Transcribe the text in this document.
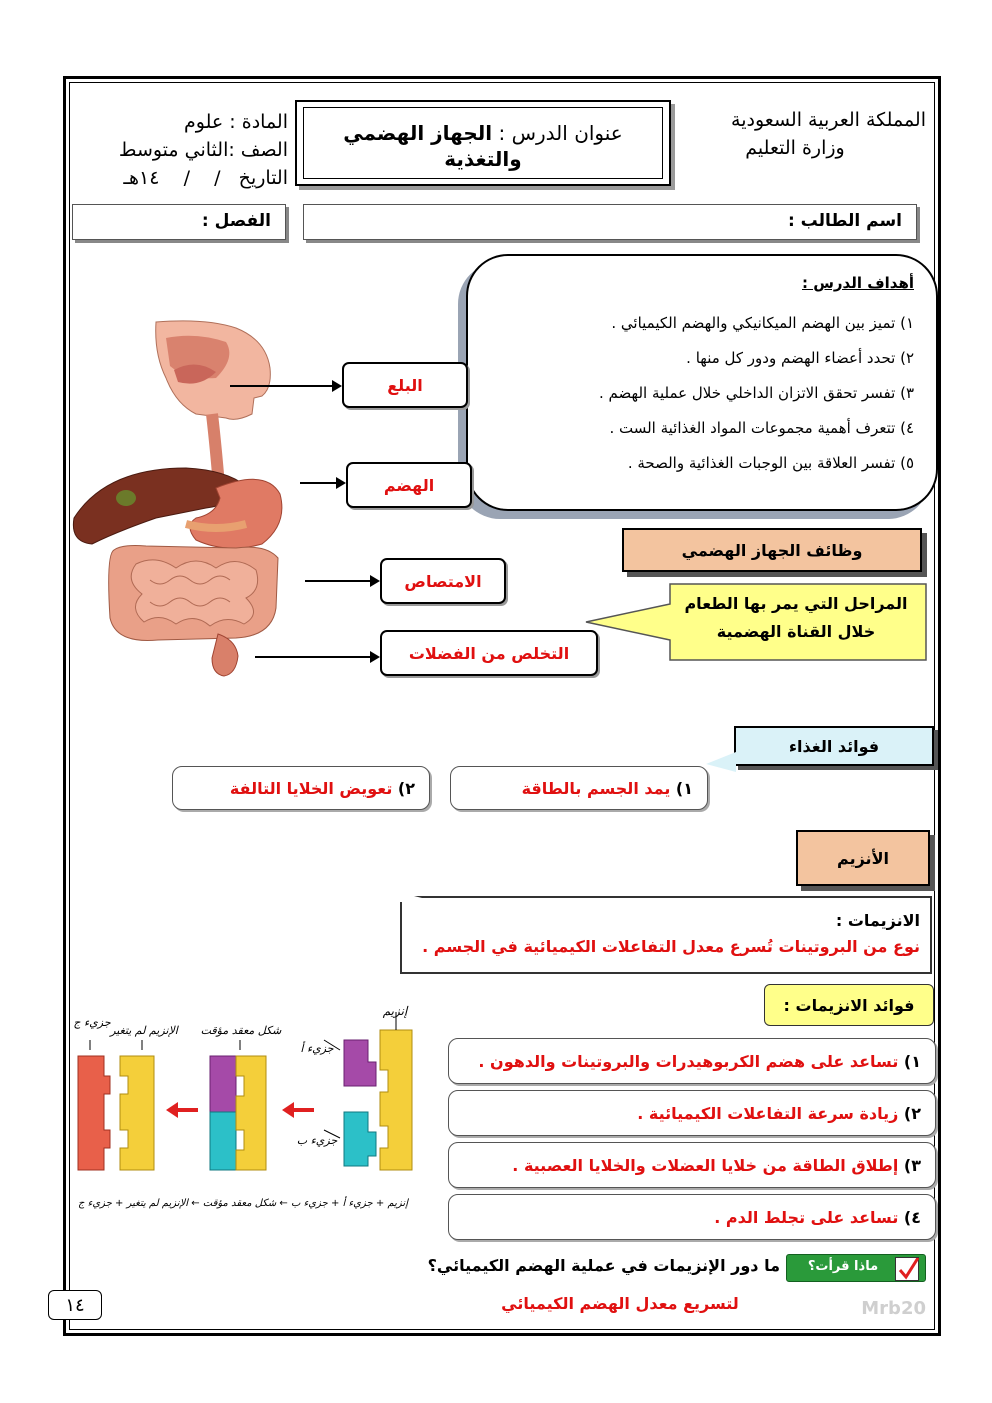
المملكة العربية السعودية
وزارة التعليم
عنوان الدرس : الجهاز الهضمي والتغذية
المادة : علوم
الصف :الثاني متوسط
التاريخ   /    /    ١٤هـ
اسم الطالب :
الفصل :
أهداف الدرس :
١) تميز بين الهضم الميكانيكي والهضم الكيميائي .
٢) تحدد أعضاء الهضم ودور كل منها .
٣) تفسر تحقق الاتزان الداخلي خلال عملية الهضم .
٤) تتعرف أهمية مجموعات المواد الغذائية الست .
٥) تفسر العلاقة بين الوجبات الغذائية والصحة .
البلع
الهضم
الامتصاص
التخلص من الفضلات
وظائف الجهاز الهضمي
المراحل التي يمر بها الطعام خلال القناة الهضمية
فوائد الغذاء
١)

يمد الجسم بالطاقة
٢)

تعويض الخلايا التالفة
الأنزيم
الانزيمات :
نوع من البروتينات تُسرع معدل التفاعلات الكيميائية في الجسم .
فوائد الانزيمات :
١)

تساعد على هضم الكربوهيدرات والبروتينات والدهون .
٢)

زيادة سرعة التفاعلات الكيميائية .
٣)

إطلاق الطاقة من خلايا العضلات والخلايا العصبية .
٤)

تساعد على تجلط الدم .
إنزيم
جزيء أ
جزيء ب
شكل معقد مؤقت
الإنزيم لم يتغير
جزيء ج
إنزيم + جزيء أ + جزيء ب ← شكل معقد مؤقت ← الإنزيم لم يتغير + جزيء ج
ماذا قرأت؟
ما دور الإنزيمات في عملية الهضم الكيميائي؟
لتسريع معدل الهضم الكيميائي
١٤	Mrb20
